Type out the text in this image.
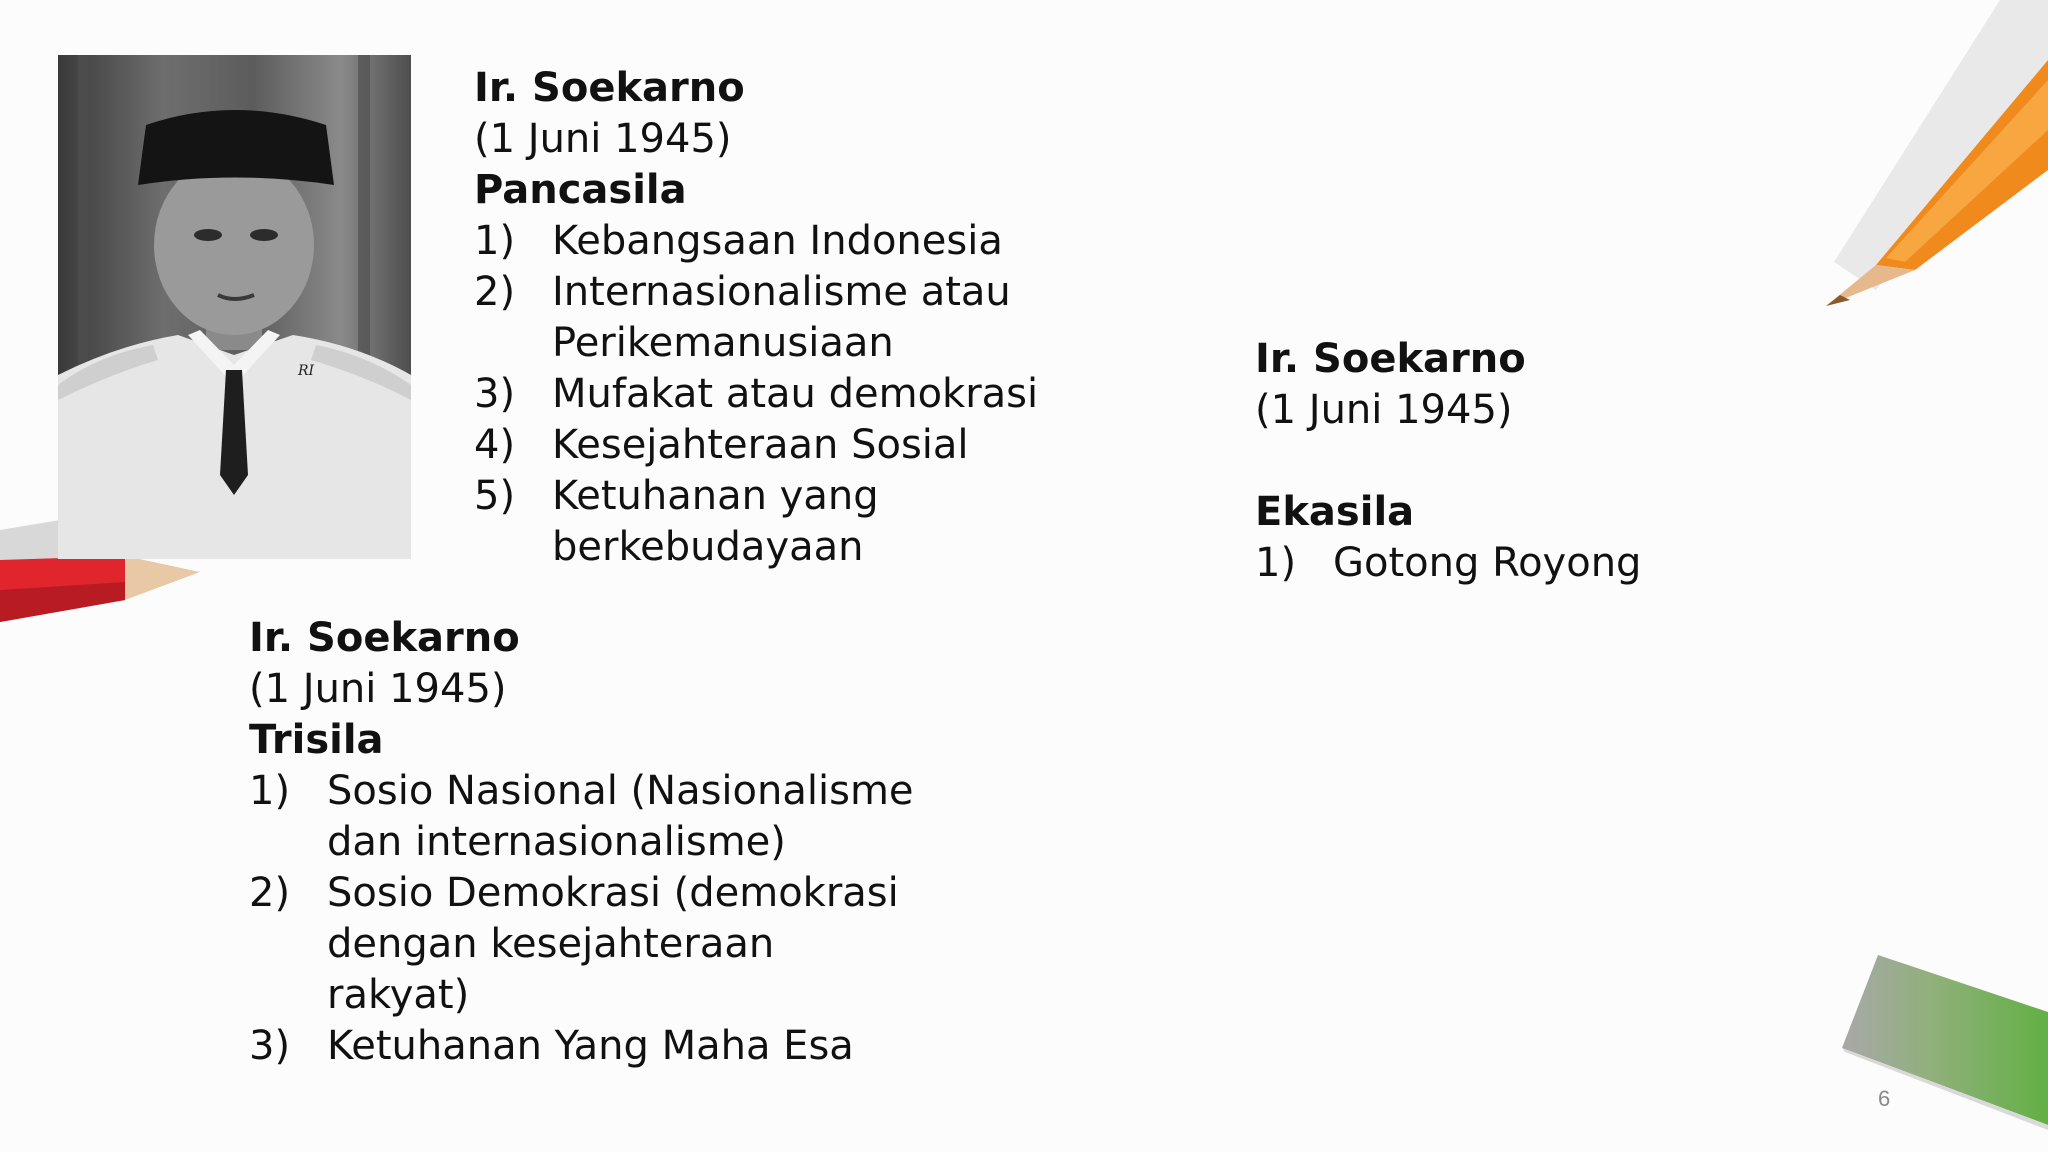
RI
Ir. Soekarno
(1 Juni 1945)
Pancasila
1) Kebangsaan Indonesia
2) Internasionalisme atau
Perikemanusiaan
3) Mufakat atau demokrasi
4) Kesejahteraan Sosial
5) Ketuhanan yang
berkebudayaan
Ir. Soekarno
(1 Juni 1945)

Ekasila
1) Gotong Royong
Ir. Soekarno
(1 Juni 1945)
Trisila
1) Sosio Nasional (Nasionalisme
dan internasionalisme)
2) Sosio Demokrasi (demokrasi
dengan kesejahteraan
rakyat)
3) Ketuhanan Yang Maha Esa
6
